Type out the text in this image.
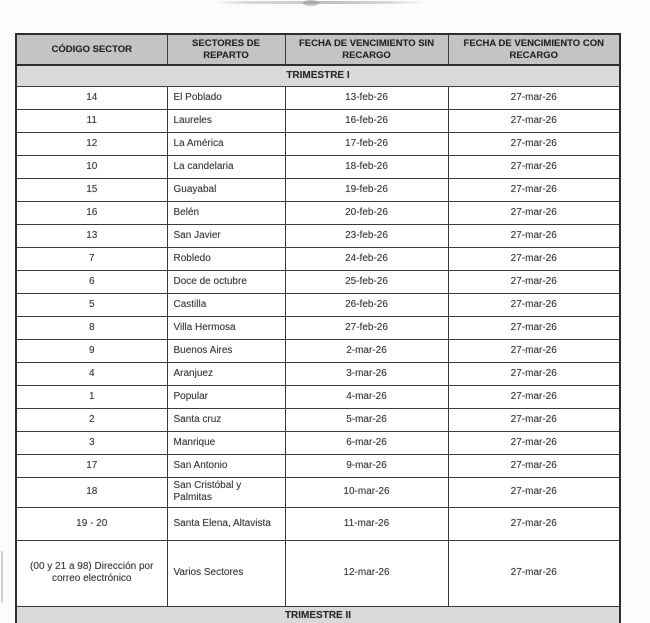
CÓDIGO SECTOR	SECTORES DE REPARTO	FECHA DE VENCIMIENTO SIN RECARGO	FECHA DE VENCIMIENTO CON RECARGO
TRIMESTRE I			
14	El Poblado	13-feb-26	27-mar-26
11	Laureles	16-feb-26	27-mar-26
12	La América	17-feb-26	27-mar-26
10	La candelaria	18-feb-26	27-mar-26
15	Guayabal	19-feb-26	27-mar-26
16	Belén	20-feb-26	27-mar-26
13	San Javier	23-feb-26	27-mar-26
7	Robledo	24-feb-26	27-mar-26
6	Doce de octubre	25-feb-26	27-mar-26
5	Castilla	26-feb-26	27-mar-26
8	Villa Hermosa	27-feb-26	27-mar-26
9	Buenos Aires	2-mar-26	27-mar-26
4	Aranjuez	3-mar-26	27-mar-26
1	Popular	4-mar-26	27-mar-26
2	Santa cruz	5-mar-26	27-mar-26
3	Manrique	6-mar-26	27-mar-26
17	San Antonio	9-mar-26	27-mar-26
18	San Cristóbal y Palmitas	10-mar-26	27-mar-26
19 - 20	Santa Elena, Altavista	11-mar-26	27-mar-26
(00 y 21 a 98) Dirección por correo electrónico	Varios Sectores	12-mar-26	27-mar-26
TRIMESTRE II			
